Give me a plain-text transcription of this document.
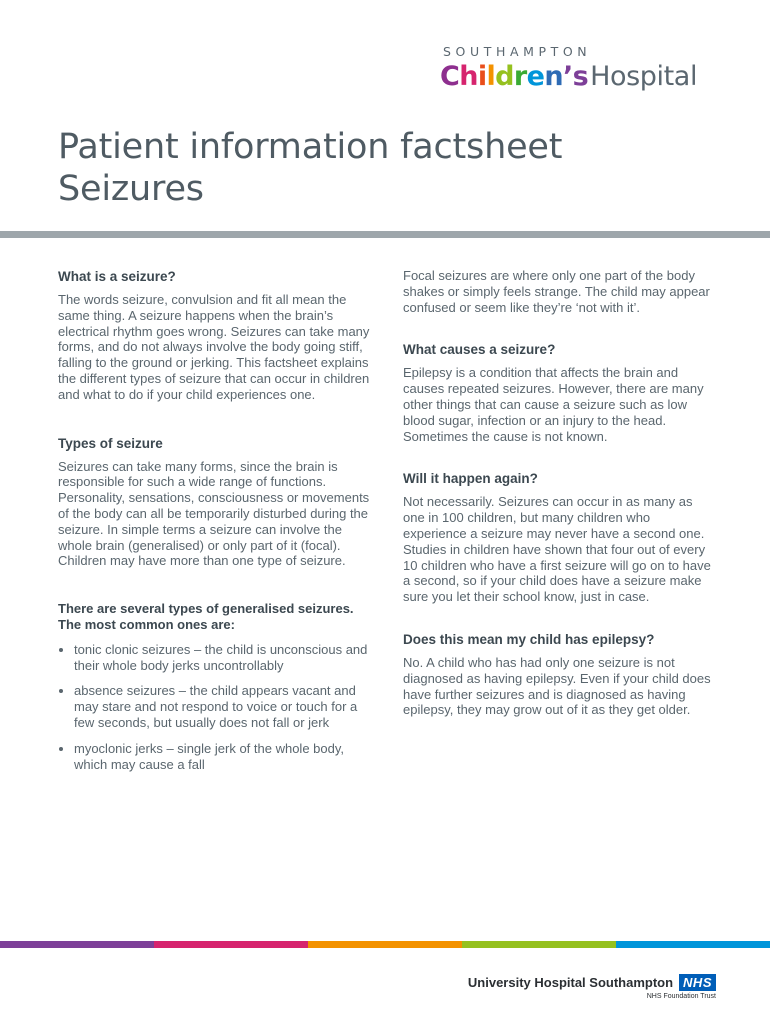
SOUTHAMPTON
Children’sHospital
Patient information factsheet
Seizures
What is a seizure?

The words seizure, convulsion and fit all mean the same thing. A seizure happens when the brain’s electrical rhythm goes wrong. Seizures can take many forms, and do not always involve the body going stiff, falling to the ground or jerking. This factsheet explains the different types of seizure that can occur in children and what to do if your child experiences one.

Types of seizure

Seizures can take many forms, since the brain is responsible for such a wide range of functions. Personality, sensations, consciousness or movements of the body can all be temporarily disturbed during the seizure. In simple terms a seizure can involve the whole brain (generalised) or only part of it (focal). Children may have more than one type of seizure.

There are several types of generalised seizures. The most common ones are:

tonic clonic seizures – the child is unconscious and their whole body jerks uncontrollably
absence seizures – the child appears vacant and may stare and not respond to voice or touch for a few seconds, but usually does not fall or jerk
myoclonic jerks – single jerk of the whole body, which may cause a fall

Focal seizures are where only one part of the body shakes or simply feels strange. The child may appear confused or seem like they’re ‘not with it’.

What causes a seizure?

Epilepsy is a condition that affects the brain and causes repeated seizures. However, there are many other things that can cause a seizure such as low blood sugar, infection or an injury to the head. Sometimes the cause is not known.

Will it happen again?

Not necessarily. Seizures can occur in as many as one in 100 children, but many children who experience a seizure may never have a second one. Studies in children have shown that four out of every 10 children who have a first seizure will go on to have a second, so if your child does have a seizure make sure you let their school know, just in case.

Does this mean my child has epilepsy?

No. A child who has had only one seizure is not diagnosed as having epilepsy. Even if your child does have further seizures and is diagnosed as having epilepsy, they may grow out of it as they get older.

University Hospital Southampton NHS
NHS Foundation Trust
